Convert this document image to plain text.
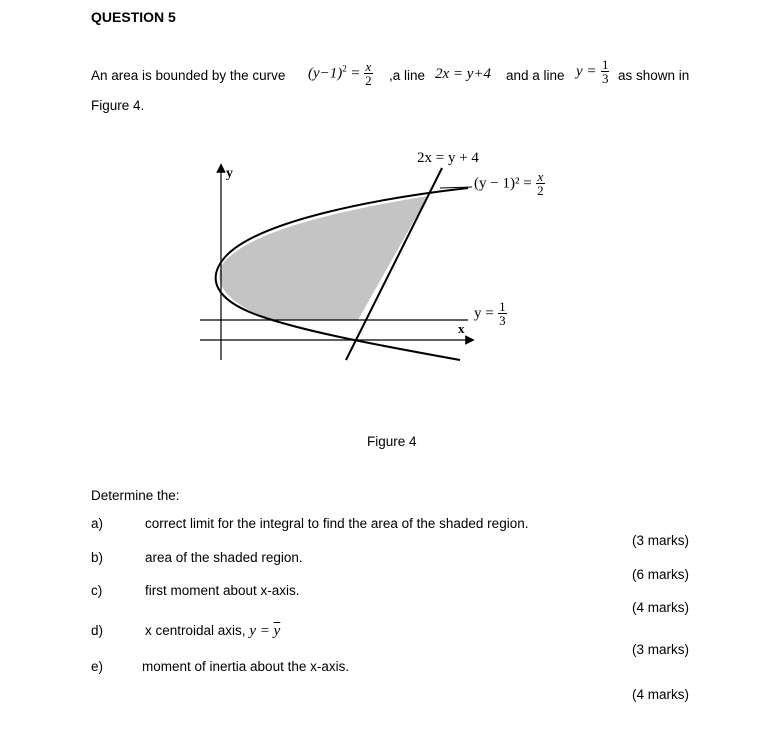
QUESTION 5
An area is bounded by the curve $(y-1)^2 = \frac{x}{2} ,a$ line 2x = y+4 and a line $y = \frac{1}{3}$ as shown in
Figure 4.
y
x
2x = y + 4
$(y - 1)^2 = \frac{x}{2}$
$y = \frac{1}{3}$
Figure 4
Determine the:
a)	correct limit for the integral to find the area of the shaded region.
(3 marks)
b)	area of the shaded region.
(6 marks)
c)	first moment about x-axis.
(4 marks)
d)	x centroidal axis, $y = \overline{y}$
(3 marks)
e)	moment of inertia about the x-axis.
(4 marks)
